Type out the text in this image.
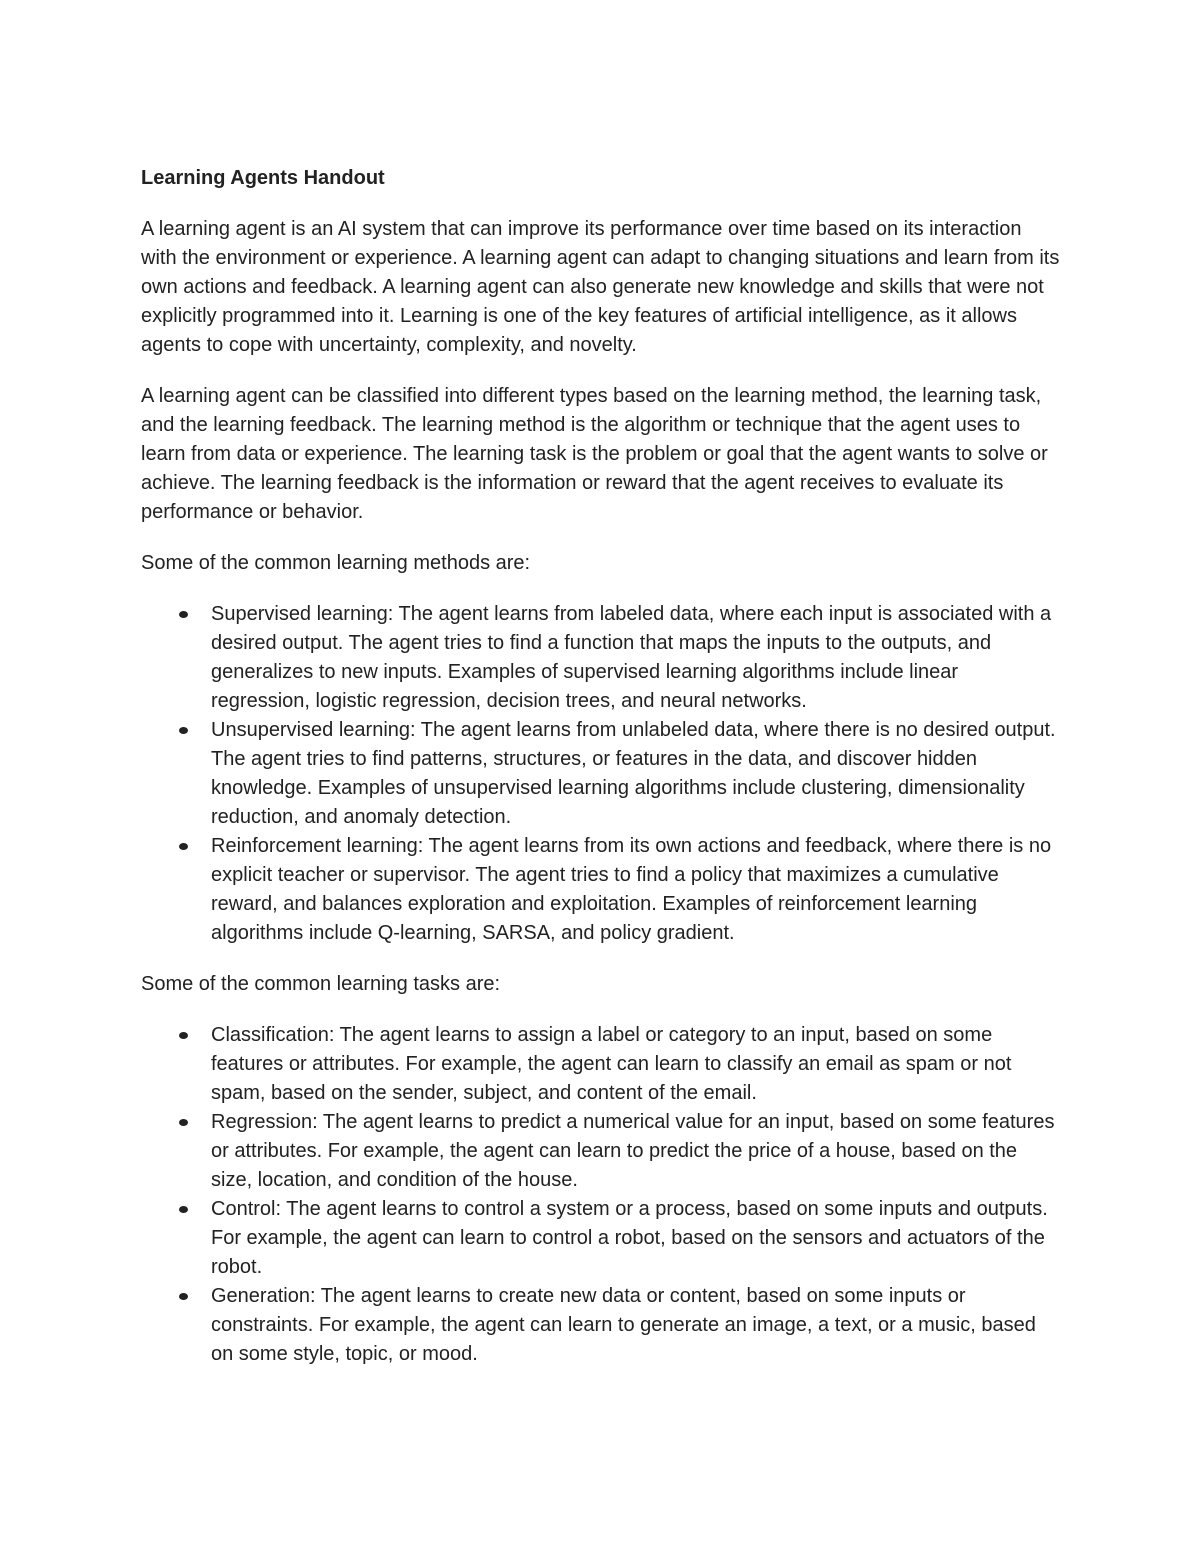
Learning Agents Handout

A learning agent is an AI system that can improve its performance over time based on its interaction with the environment or experience. A learning agent can adapt to changing situations and learn from its own actions and feedback. A learning agent can also generate new knowledge and skills that were not explicitly programmed into it. Learning is one of the key features of artificial intelligence, as it allows agents to cope with uncertainty, complexity, and novelty.

A learning agent can be classified into different types based on the learning method, the learning task, and the learning feedback. The learning method is the algorithm or technique that the agent uses to learn from data or experience. The learning task is the problem or goal that the agent wants to solve or achieve. The learning feedback is the information or reward that the agent receives to evaluate its performance or behavior.

Some of the common learning methods are:

Supervised learning: The agent learns from labeled data, where each input is associated with a desired output. The agent tries to find a function that maps the inputs to the outputs, and generalizes to new inputs. Examples of supervised learning algorithms include linear regression, logistic regression, decision trees, and neural networks.
Unsupervised learning: The agent learns from unlabeled data, where there is no desired output. The agent tries to find patterns, structures, or features in the data, and discover hidden knowledge. Examples of unsupervised learning algorithms include clustering, dimensionality reduction, and anomaly detection.
Reinforcement learning: The agent learns from its own actions and feedback, where there is no explicit teacher or supervisor. The agent tries to find a policy that maximizes a cumulative reward, and balances exploration and exploitation. Examples of reinforcement learning algorithms include Q-learning, SARSA, and policy gradient.

Some of the common learning tasks are:

Classification: The agent learns to assign a label or category to an input, based on some features or attributes. For example, the agent can learn to classify an email as spam or not spam, based on the sender, subject, and content of the email.
Regression: The agent learns to predict a numerical value for an input, based on some features or attributes. For example, the agent can learn to predict the price of a house, based on the size, location, and condition of the house.
Control: The agent learns to control a system or a process, based on some inputs and outputs. For example, the agent can learn to control a robot, based on the sensors and actuators of the robot.
Generation: The agent learns to create new data or content, based on some inputs or constraints. For example, the agent can learn to generate an image, a text, or a music, based on some style, topic, or mood.
